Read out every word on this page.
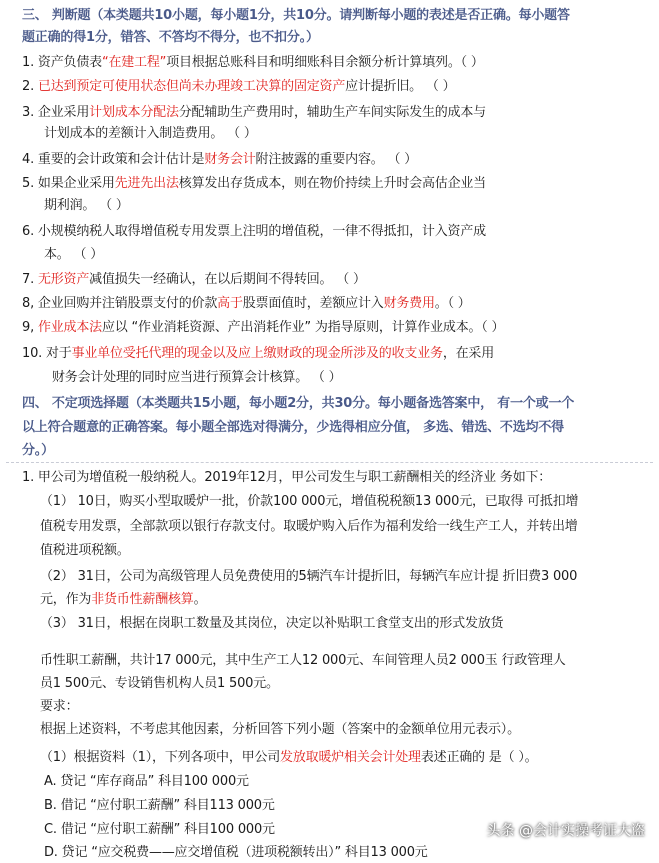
三、 判断题（本类题共10小题，每小题1分，共10分。请判断每小题的表述是否正确。每小题答
题正确的得1分，错答、不答均不得分，也不扣分。）
1. 资产负债表“在建工程”项目根据总账科目和明细账科目余额分析计算填列。（ ）
2. 已达到预定可使用状态但尚未办理竣工决算的固定资产应计提折旧。 （ ）
3. 企业采用计划成本分配法分配辅助生产费用时，辅助生产车间实际发生的成本与
计划成本的差额计入制造费用。 （ ）
4. 重要的会计政策和会计估计是财务会计附注披露的重要内容。 （ ）
5. 如果企业采用先进先出法核算发出存货成本，则在物价持续上升时会高估企业当
期利润。 （ ）
6. 小规模纳税人取得增值税专用发票上注明的增值税，一律不得抵扣，计入资产成
本。 （ ）
7. 无形资产减值损失一经确认，在以后期间不得转回。 （ ）
8, 企业回购并注销股票支付的价款高于股票面值时，差额应计入财务费用。（ ）
9, 作业成本法应以 “作业消耗资源、产出消耗作业” 为指导原则，计算作业成本。（ ）
10. 对于事业单位受托代理的现金以及应上缴财政的现金所涉及的收支业务，在采用
财务会计处理的同时应当进行预算会计核算。 （ ）
四、 不定项选择题（本类题共15小题，每小题2分，共30分。每小题备选答案中， 有一个或一个
以上符合题意的正确答案。每小题全部选对得满分，少选得相应分值， 多选、错选、不选均不得
分。）
1. 甲公司为增值税一般纳税人。2019年12月，甲公司发生与职工薪酬相关的经济业 务如下：
（1） 10日，购买小型取暖炉一批，价款100 000元，增值税税额13 000元，已取得 可抵扣增
值税专用发票，全部款项以银行存款支付。取暖炉购入后作为福利发给一线生产工人，并转出增
值税进项税额。
（2） 31日，公司为高级管理人员免费使用的5辆汽车计提折旧，每辆汽车应计提 折旧费3 000
元，作为非货币性薪酬核算。
（3） 31日，根据在岗职工数量及其岗位，决定以补贴职工食堂支出的形式发放货
币性职工薪酬，共计17 000元，其中生产工人12 000元、车间管理人员2 000玉 行政管理人
员1 500元、专设销售机构人员1 500元。
要求：
根据上述资料，不考虑其他因素，分析回答下列小题（答案中的金额单位用元表示）。
（1）根据资料（1），下列各项中，甲公司发放取暖炉相关会计处理表述正确的 是（ ）。
A. 贷记 “库存商品” 科目100 000元
B. 借记 “应付职工薪酬” 科目113 000元
C. 借记 “应付职工薪酬” 科目100 000元
D. 贷记 “应交税费——应交增值税（进项税额转出）” 科目13 000元
头条 @会计实操考证大盗
